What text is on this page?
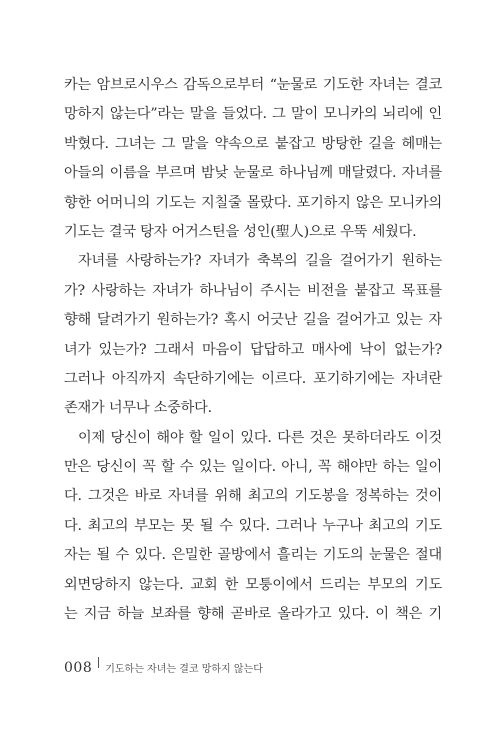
카는 암브로시우스 감독으로부터 “눈물로 기도한 자녀는 결코
망하지 않는다”라는 말을 들었다. 그 말이 모니카의 뇌리에 인
박혔다. 그녀는 그 말을 약속으로 붙잡고 방탕한 길을 헤매는
아들의 이름을 부르며 밤낮 눈물로 하나님께 매달렸다. 자녀를
향한 어머니의 기도는 지칠줄 몰랐다. 포기하지 않은 모니카의
기도는 결국 탕자 어거스틴을 성인(聖人)으로 우뚝 세웠다.
자녀를 사랑하는가? 자녀가 축복의 길을 걸어가기 원하는
가? 사랑하는 자녀가 하나님이 주시는 비전을 붙잡고 목표를
향해 달려가기 원하는가? 혹시 어긋난 길을 걸어가고 있는 자
녀가 있는가? 그래서 마음이 답답하고 매사에 낙이 없는가?
그러나 아직까지 속단하기에는 이르다. 포기하기에는 자녀란
존재가 너무나 소중하다.
이제 당신이 해야 할 일이 있다. 다른 것은 못하더라도 이것
만은 당신이 꼭 할 수 있는 일이다. 아니, 꼭 해야만 하는 일이
다. 그것은 바로 자녀를 위해 최고의 기도봉을 정복하는 것이
다. 최고의 부모는 못 될 수 있다. 그러나 누구나 최고의 기도
자는 될 수 있다. 은밀한 골방에서 흘리는 기도의 눈물은 절대
외면당하지 않는다. 교회 한 모퉁이에서 드리는 부모의 기도
는 지금 하늘 보좌를 향해 곧바로 올라가고 있다. 이 책은 기
008 기도하는 자녀는 결코 망하지 않는다
